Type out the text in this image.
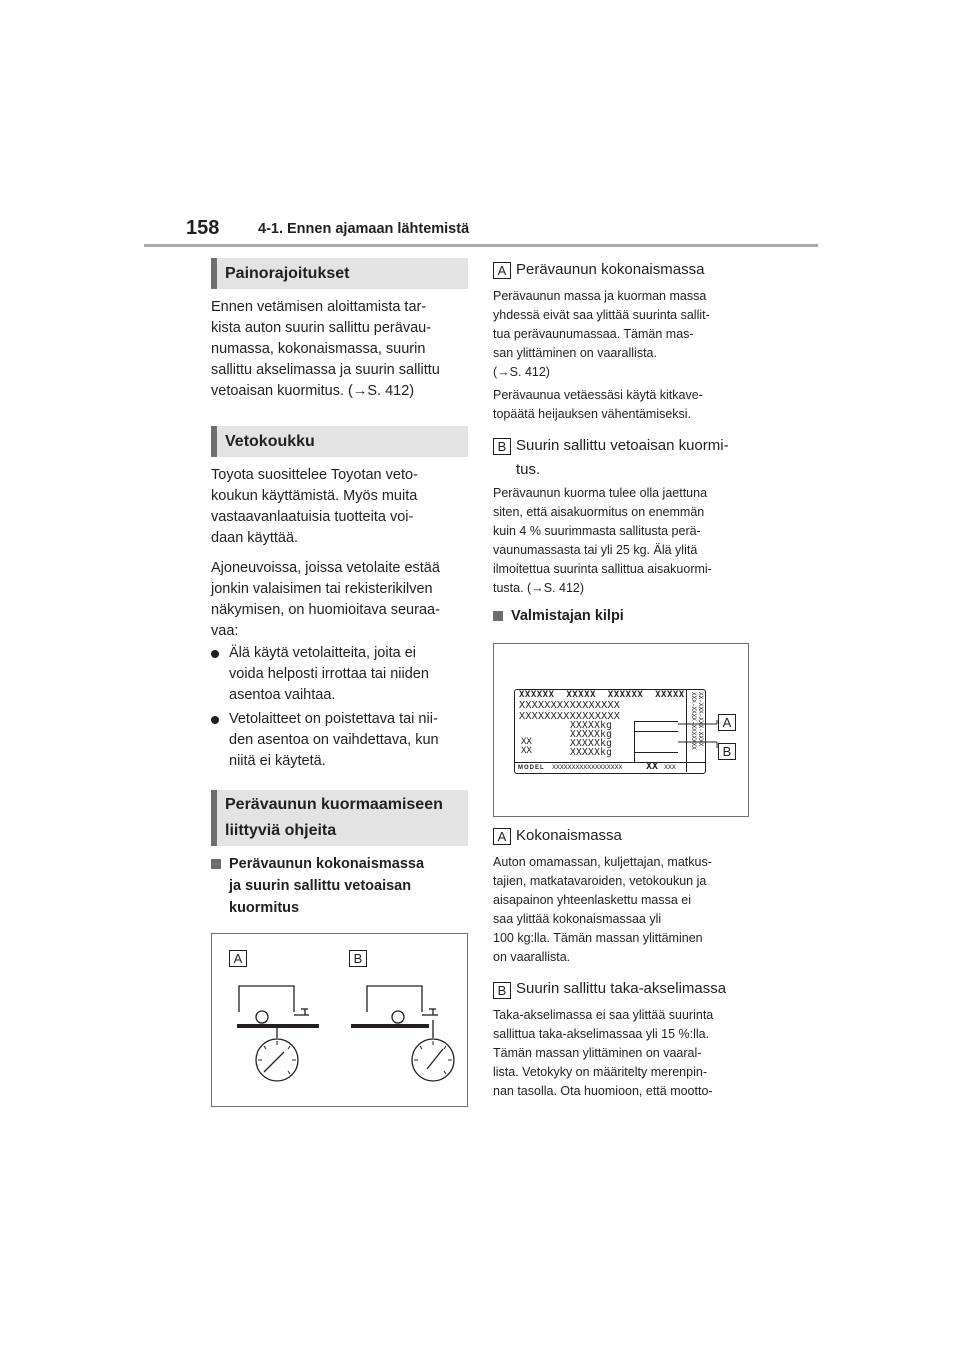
158	4-1. Ennen ajamaan lähtemistä
Painorajoitukset
Ennen vetämisen aloittamista tar-
kista auton suurin sallittu perävau-
numassa, kokonaismassa, suurin
sallittu akselimassa ja suurin sallittu
vetoaisan kuormitus. (→S. 412)
Vetokoukku
Toyota suosittelee Toyotan veto-
koukun käyttämistä. Myös muita
vastaavanlaatuisia tuotteita voi-
daan käyttää.
Ajoneuvoissa, joissa vetolaite estää
jonkin valaisimen tai rekisterikilven
näkymisen, on huomioitava seuraa-
vaa:
Älä käytä vetolaitteita, joita ei
voida helposti irrottaa tai niiden
asentoa vaihtaa.
Vetolaitteet on poistettava tai nii-
den asentoa on vaihdettava, kun
niitä ei käytetä.
Perävaunun kuormaamiseen
liittyviä ohjeita
Perävaunun kokonaismassa
ja suurin sallittu vetoaisan
kuormitus
A	B
A Perävaunun kokonaismassa
Perävaunun massa ja kuorman massa
yhdessä eivät saa ylittää suurinta sallit-
tua perävaunumassaa. Tämän mas-
san ylittäminen on vaarallista.
(→S. 412)
Perävaunua vetäessäsi käytä kitkave-
topäätä heijauksen vähentämiseksi.
B Suurin sallittu vetoaisan kuormi-
tus.
Perävaunun kuorma tulee olla jaettuna
siten, että aisakuormitus on enemmän
kuin 4 % suurimmasta sallitusta perä-
vaunumassasta tai yli 25 kg. Älä ylitä
ilmoitettua suurinta sallittua aisakuormi-
tusta. (→S. 412)
Valmistajan kilpi
XXXXXX  XXXXX  XXXXXX  XXXXX
XXXXXXXXXXXXXXXX
XXXXXXXXXXXXXXXX
XXXXXkg
XXXXXkg
XXXXXkg
XXXXXkg
XX
XX
MODEL XXXXXXXXXXXXXXXXXX XX XXX
XXX-XXXX-XXXXXXX XX-XXX-XXX-XXXX	A
B
A Kokonaismassa
Auton omamassan, kuljettajan, matkus-
tajien, matkatavaroiden, vetokoukun ja
aisapainon yhteenlaskettu massa ei
saa ylittää kokonaismassaa yli
100 kg:lla. Tämän massan ylittäminen
on vaarallista.
B Suurin sallittu taka-akselimassa
Taka-akselimassa ei saa ylittää suurinta
sallittua taka-akselimassaa yli 15 %:lla.
Tämän massan ylittäminen on vaaral-
lista. Vetokyky on määritelty merenpin-
nan tasolla. Ota huomioon, että mootto-
